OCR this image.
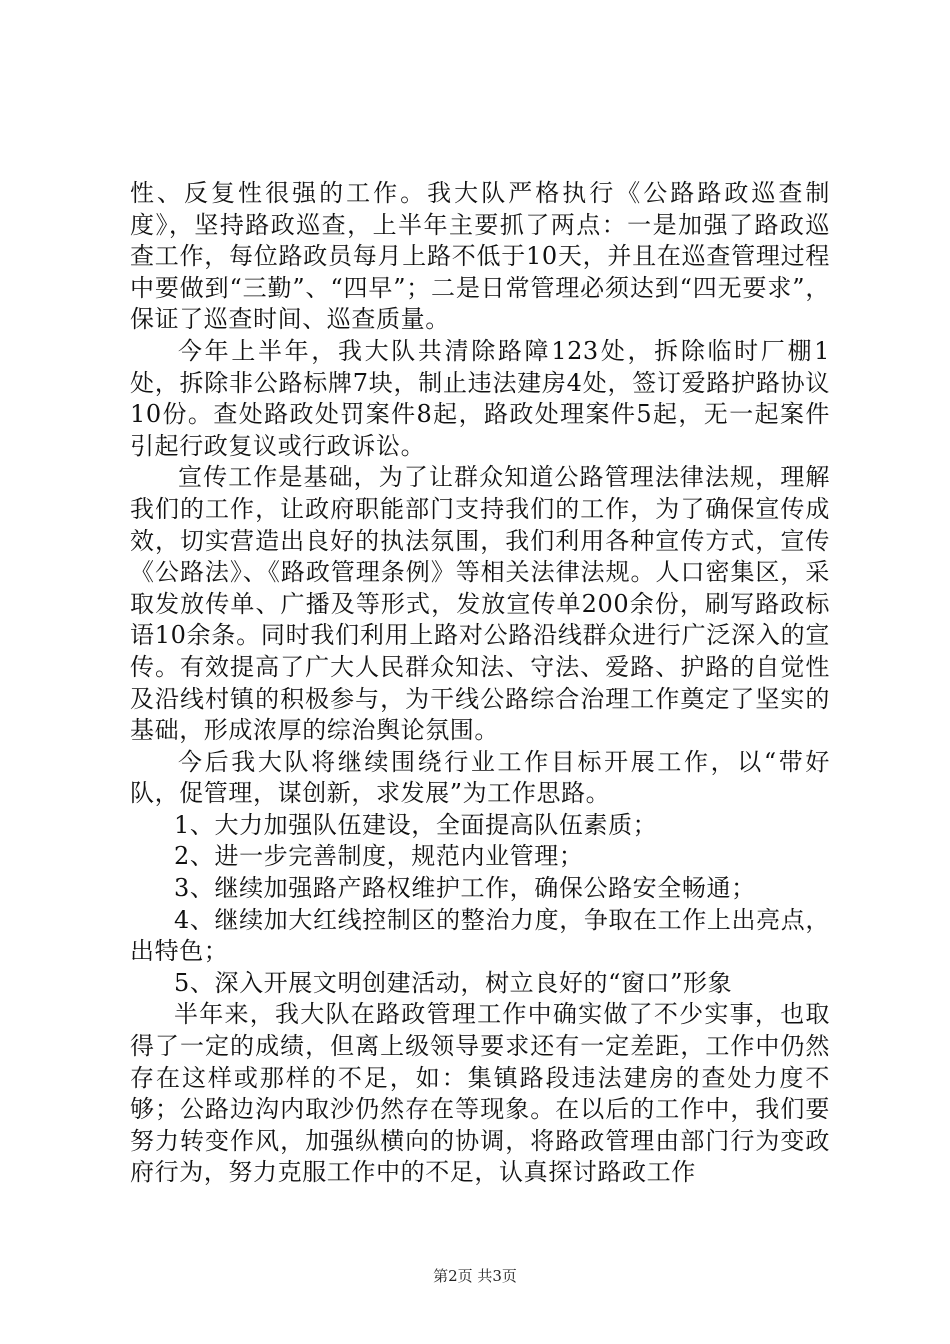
性、反复性很强的工作。我大队严格执行《公路路政巡查制度》，坚持路政巡查，上半年主要抓了两点：一是加强了路政巡查工作，每位路政员每月上路不低于10天，并且在巡查管理过程中要做到“三勤”、“四早”；二是日常管理必须达到“四无要求”，保证了巡查时间、巡查质量。

今年上半年，我大队共清除路障123处，拆除临时厂棚1处，拆除非公路标牌7块，制止违法建房4处，签订爱路护路协议10份。查处路政处罚案件8起，路政处理案件5起，无一起案件引起行政复议或行政诉讼。

宣传工作是基础，为了让群众知道公路管理法律法规，理解我们的工作，让政府职能部门支持我们的工作，为了确保宣传成效，切实营造出良好的执法氛围，我们利用各种宣传方式，宣传《公路法》、《路政管理条例》等相关法律法规。人口密集区，采取发放传单、广播及等形式，发放宣传单200余份，刷写路政标语10余条。同时我们利用上路对公路沿线群众进行广泛深入的宣传。有效提高了广大人民群众知法、守法、爱路、护路的自觉性及沿线村镇的积极参与，为干线公路综合治理工作奠定了坚实的基础，形成浓厚的综治舆论氛围。

今后我大队将继续围绕行业工作目标开展工作，以“带好队，促管理，谋创新，求发展”为工作思路。

1、大力加强队伍建设，全面提高队伍素质；

2、进一步完善制度，规范内业管理；

3、继续加强路产路权维护工作，确保公路安全畅通；

4、继续加大红线控制区的整治力度，争取在工作上出亮点，出特色；

5、深入开展文明创建活动，树立良好的“窗口”形象

半年来，我大队在路政管理工作中确实做了不少实事，也取得了一定的成绩，但离上级领导要求还有一定差距，工作中仍然存在这样或那样的不足，如：集镇路段违法建房的查处力度不够；公路边沟内取沙仍然存在等现象。在以后的工作中，我们要努力转变作风，加强纵横向的协调，将路政管理由部门行为变政府行为，努力克服工作中的不足，认真探讨路政工作

第2页 共3页
